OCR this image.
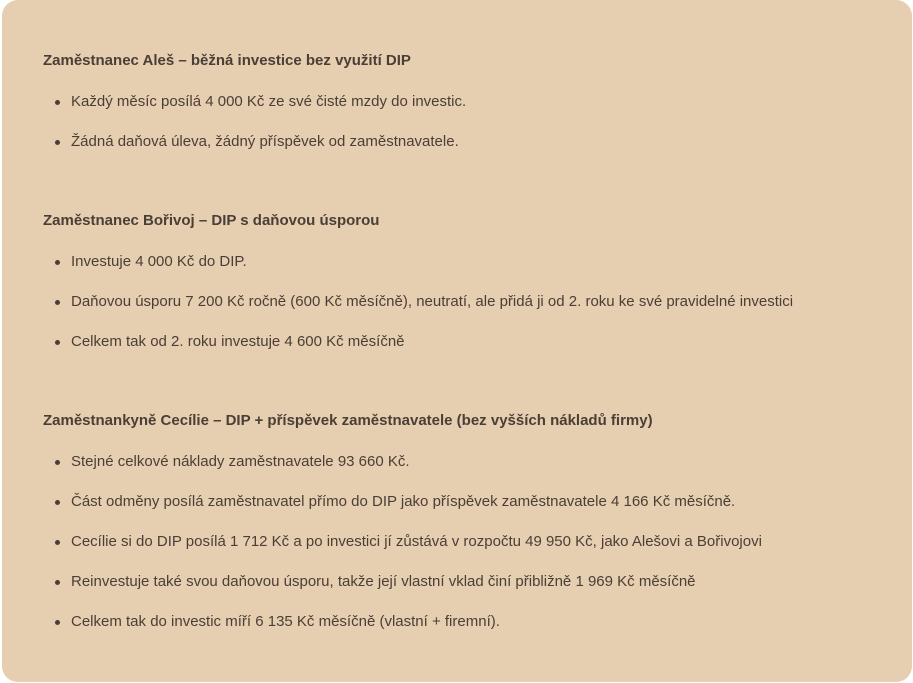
Zaměstnanec Aleš – běžná investice bez využití DIP
Každý měsíc posílá 4 000 Kč ze své čisté mzdy do investic.
Žádná daňová úleva, žádný příspěvek od zaměstnavatele.
Zaměstnanec Bořivoj – DIP s daňovou úsporou
Investuje 4 000 Kč do DIP.
Daňovou úsporu 7 200 Kč ročně (600 Kč měsíčně), neutratí, ale přidá ji od 2. roku ke své pravidelné investici
Celkem tak od 2. roku investuje 4 600 Kč měsíčně
Zaměstnankyně Cecílie – DIP + příspěvek zaměstnavatele (bez vyšších nákladů firmy)
Stejné celkové náklady zaměstnavatele 93 660 Kč.
Část odměny posílá zaměstnavatel přímo do DIP jako příspěvek zaměstnavatele 4 166 Kč měsíčně.
Cecílie si do DIP posílá 1 712 Kč a po investici jí zůstává v rozpočtu 49 950 Kč, jako Alešovi a Bořivojovi
Reinvestuje také svou daňovou úsporu, takže její vlastní vklad činí přibližně 1 969 Kč měsíčně
Celkem tak do investic míří 6 135 Kč měsíčně (vlastní + firemní).
